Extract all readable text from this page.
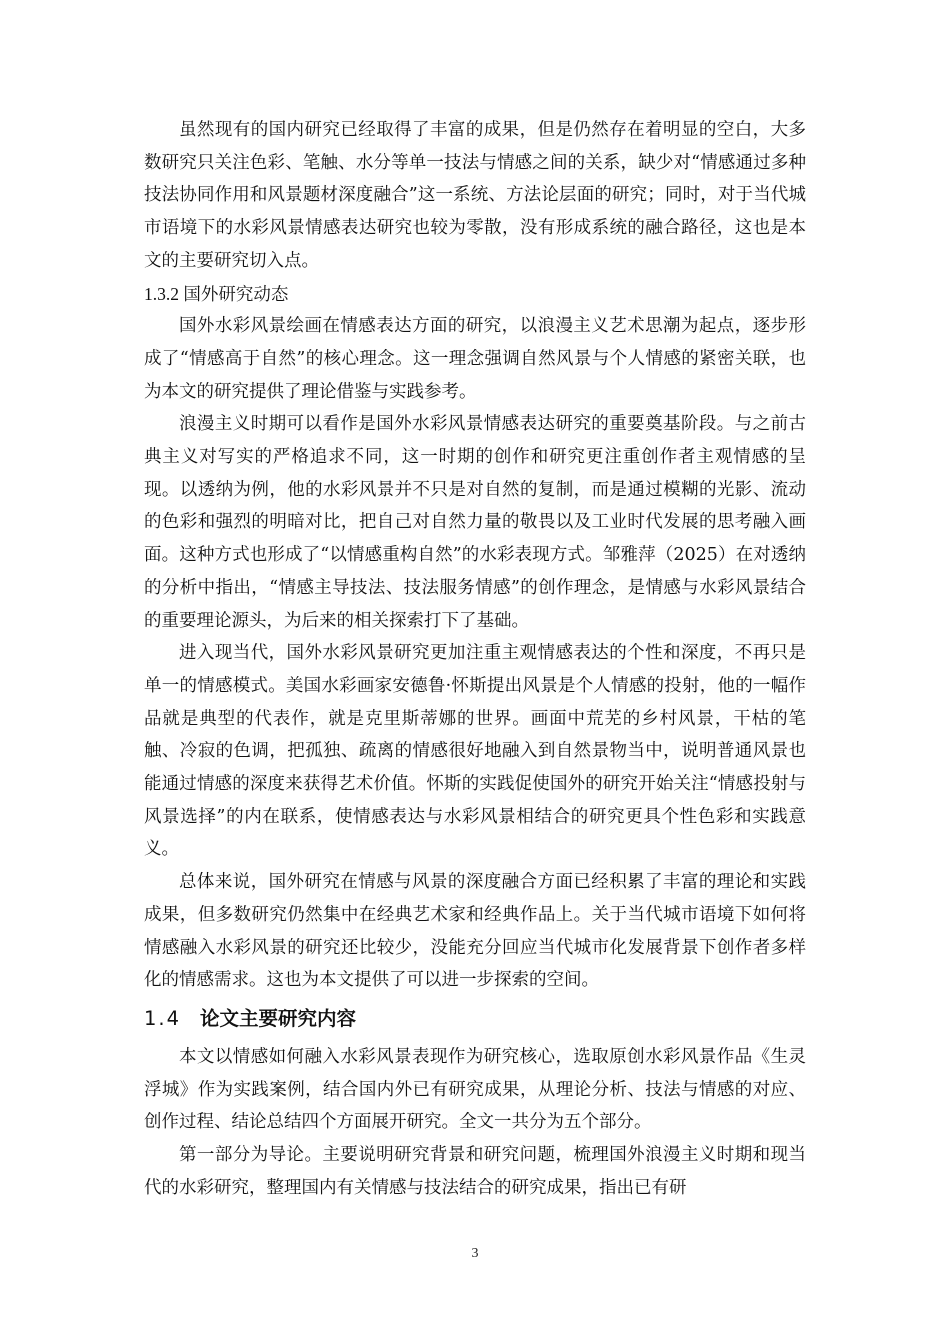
虽然现有的国内研究已经取得了丰富的成果，但是仍然存在着明显的空白，大多数研究只关注色彩、笔触、水分等单一技法与情感之间的关系，缺少对“情感通过多种技法协同作用和风景题材深度融合”这一系统、方法论层面的研究；同时，对于当代城市语境下的水彩风景情感表达研究也较为零散，没有形成系统的融合路径，这也是本文的主要研究切入点。

1.3.2 国外研究动态

国外水彩风景绘画在情感表达方面的研究，以浪漫主义艺术思潮为起点，逐步形成了“情感高于自然”的核心理念。这一理念强调自然风景与个人情感的紧密关联，也为本文的研究提供了理论借鉴与实践参考。

浪漫主义时期可以看作是国外水彩风景情感表达研究的重要奠基阶段。与之前古典主义对写实的严格追求不同，这一时期的创作和研究更注重创作者主观情感的呈现。以透纳为例，他的水彩风景并不只是对自然的复制，而是通过模糊的光影、流动的色彩和强烈的明暗对比，把自己对自然力量的敬畏以及工业时代发展的思考融入画面。这种方式也形成了“以情感重构自然”的水彩表现方式。邹雅萍（2025）在对透纳的分析中指出，“情感主导技法、技法服务情感”的创作理念，是情感与水彩风景结合的重要理论源头，为后来的相关探索打下了基础。

进入现当代，国外水彩风景研究更加注重主观情感表达的个性和深度，不再只是单一的情感模式。美国水彩画家安德鲁·怀斯提出风景是个人情感的投射，他的一幅作品就是典型的代表作，就是克里斯蒂娜的世界。画面中荒芜的乡村风景，干枯的笔触、冷寂的色调，把孤独、疏离的情感很好地融入到自然景物当中，说明普通风景也能通过情感的深度来获得艺术价值。怀斯的实践促使国外的研究开始关注“情感投射与风景选择”的内在联系，使情感表达与水彩风景相结合的研究更具个性色彩和实践意义。

总体来说，国外研究在情感与风景的深度融合方面已经积累了丰富的理论和实践成果，但多数研究仍然集中在经典艺术家和经典作品上。关于当代城市语境下如何将情感融入水彩风景的研究还比较少，没能充分回应当代城市化发展背景下创作者多样化的情感需求。这也为本文提供了可以进一步探索的空间。

1.4 论文主要研究内容

本文以情感如何融入水彩风景表现作为研究核心，选取原创水彩风景作品《生灵浮城》作为实践案例，结合国内外已有研究成果，从理论分析、技法与情感的对应、创作过程、结论总结四个方面展开研究。全文一共分为五个部分。

第一部分为导论。主要说明研究背景和研究问题，梳理国外浪漫主义时期和现当代的水彩研究，整理国内有关情感与技法结合的研究成果，指出已有研

3
